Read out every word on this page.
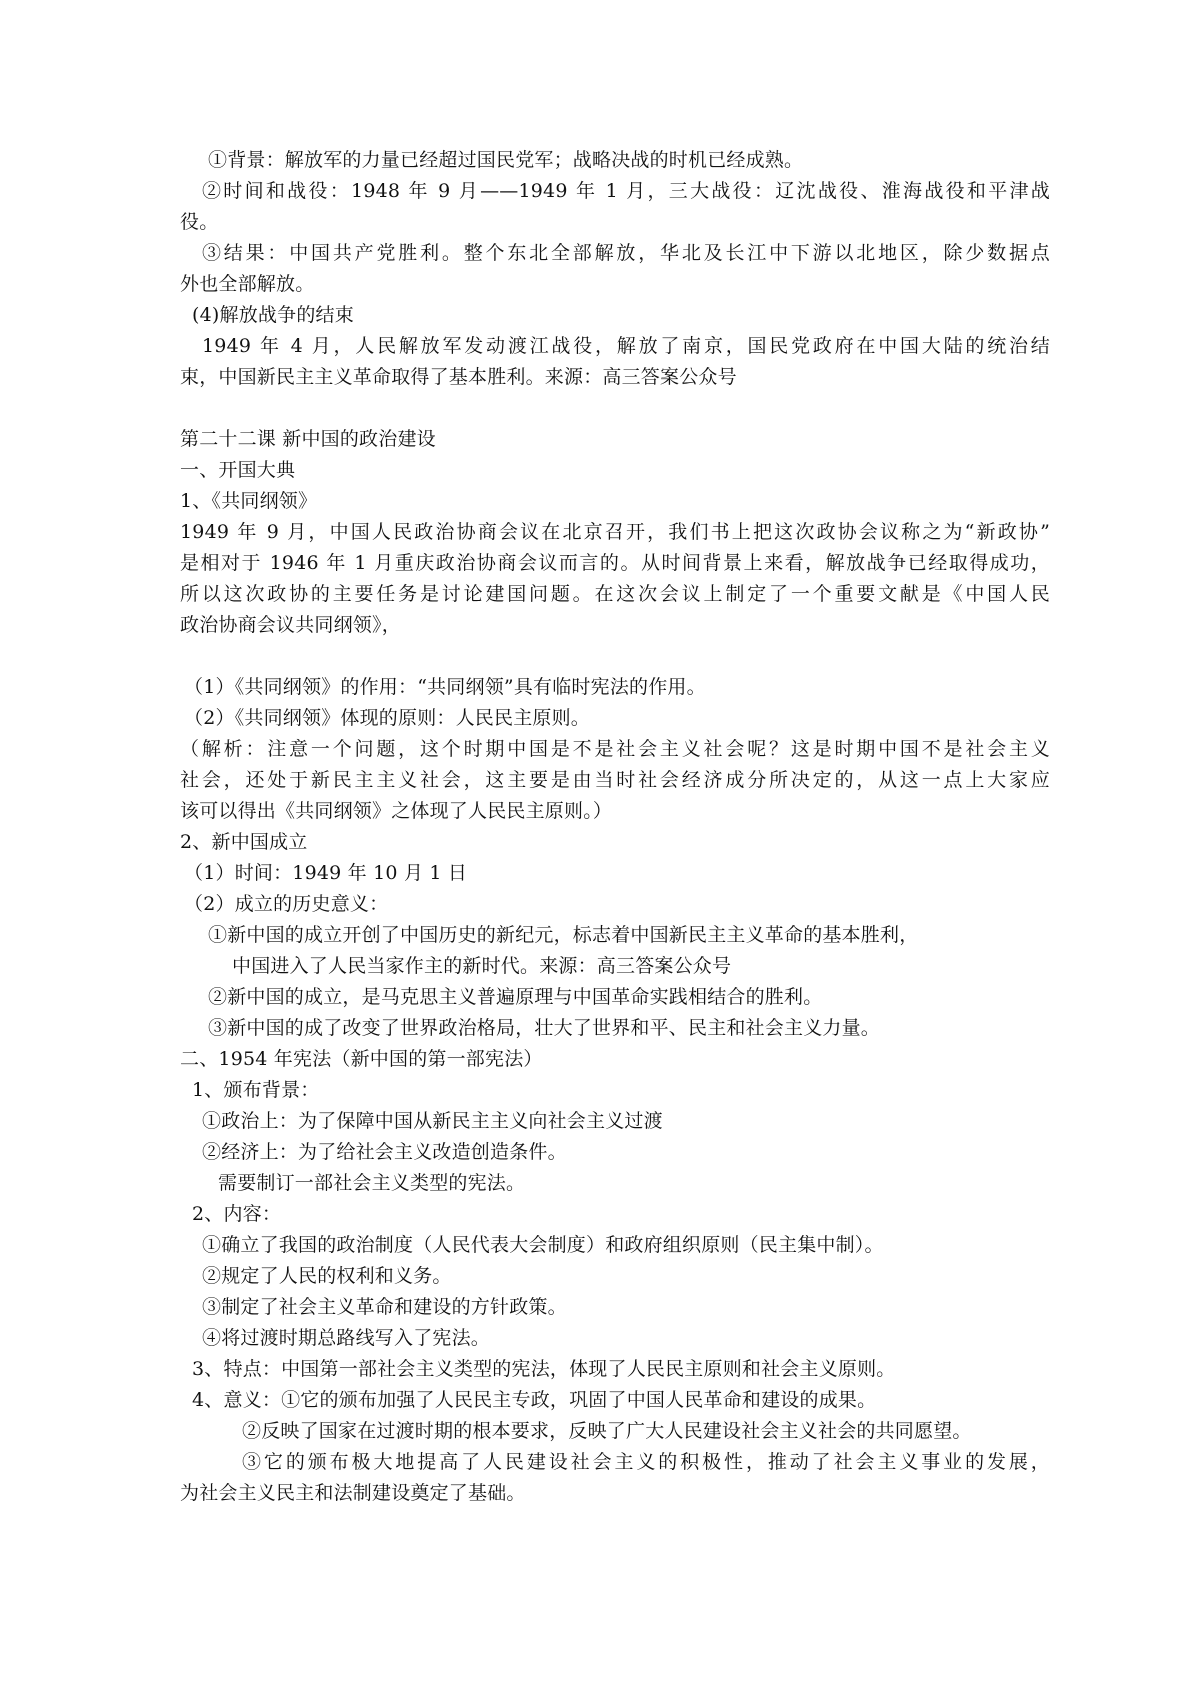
①背景：解放军的力量已经超过国民党军；战略决战的时机已经成熟。
②时间和战役：1948 年 9 月——1949 年 1 月，三大战役：辽沈战役、淮海战役和平津战
役。
③结果：中国共产党胜利。整个东北全部解放，华北及长江中下游以北地区，除少数据点
外也全部解放。
(4)解放战争的结束
1949 年 4 月，人民解放军发动渡江战役，解放了南京，国民党政府在中国大陆的统治结
束，中国新民主主义革命取得了基本胜利。来源：高三答案公众号
第二十二课 新中国的政治建设
一、开国大典
1、《共同纲领》
1949 年 9 月，中国人民政治协商会议在北京召开，我们书上把这次政协会议称之为“新政协”
是相对于 1946 年 1 月重庆政治协商会议而言的。从时间背景上来看，解放战争已经取得成功，
所以这次政协的主要任务是讨论建国问题。在这次会议上制定了一个重要文献是《中国人民
政治协商会议共同纲领》，
（1）《共同纲领》的作用：“共同纲领”具有临时宪法的作用。
（2）《共同纲领》体现的原则：人民民主原则。
（解析：注意一个问题，这个时期中国是不是社会主义社会呢？这是时期中国不是社会主义
社会，还处于新民主主义社会，这主要是由当时社会经济成分所决定的，从这一点上大家应
该可以得出《共同纲领》之体现了人民民主原则。）
2、新中国成立
（1）时间：1949 年 10 月 1 日
（2）成立的历史意义：
①新中国的成立开创了中国历史的新纪元，标志着中国新民主主义革命的基本胜利，
中国进入了人民当家作主的新时代。来源：高三答案公众号
②新中国的成立，是马克思主义普遍原理与中国革命实践相结合的胜利。
③新中国的成了改变了世界政治格局，壮大了世界和平、民主和社会主义力量。
二、1954 年宪法（新中国的第一部宪法）
1、颁布背景：
①政治上：为了保障中国从新民主主义向社会主义过渡
②经济上：为了给社会主义改造创造条件。
需要制订一部社会主义类型的宪法。
2、内容：
①确立了我国的政治制度（人民代表大会制度）和政府组织原则（民主集中制）。
②规定了人民的权利和义务。
③制定了社会主义革命和建设的方针政策。
④将过渡时期总路线写入了宪法。
3、特点：中国第一部社会主义类型的宪法，体现了人民民主原则和社会主义原则。
4、意义：①它的颁布加强了人民民主专政，巩固了中国人民革命和建设的成果。
②反映了国家在过渡时期的根本要求，反映了广大人民建设社会主义社会的共同愿望。
③它的颁布极大地提高了人民建设社会主义的积极性，推动了社会主义事业的发展，
为社会主义民主和法制建设奠定了基础。
